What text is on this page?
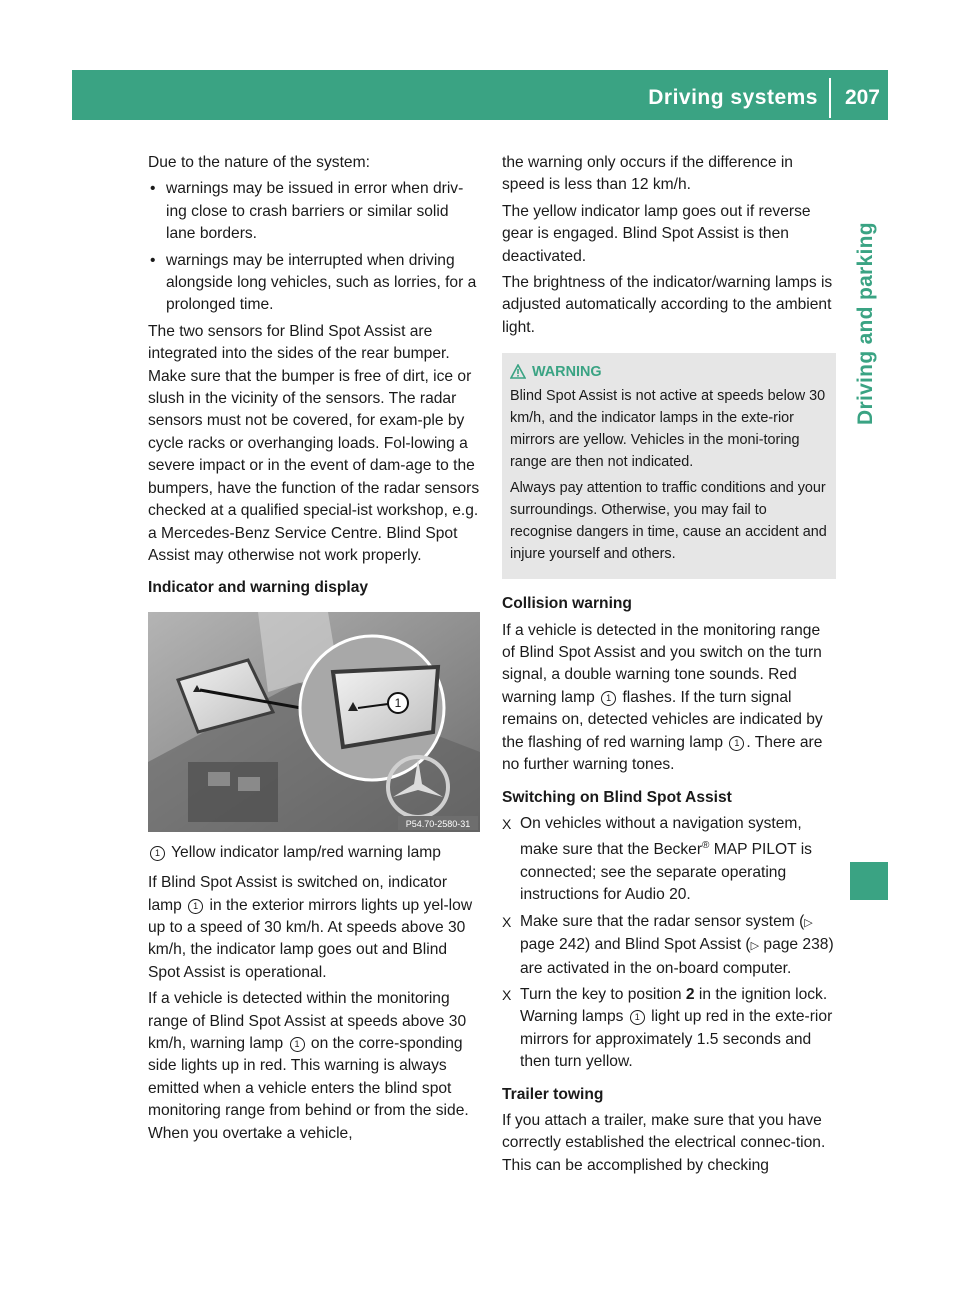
Driving systems 207
Driving and parking

Due to the nature of the system:

• warnings may be issued in error when driv-ing close to crash barriers or similar solid lane borders.
• warnings may be interrupted when driving alongside long vehicles, such as lorries, for a prolonged time.

The two sensors for Blind Spot Assist are integrated into the sides of the rear bumper. Make sure that the bumper is free of dirt, ice or slush in the vicinity of the sensors. The radar sensors must not be covered, for exam-ple by cycle racks or overhanging loads. Fol-lowing a severe impact or in the event of dam-age to the bumpers, have the function of the radar sensors checked at a qualified special-ist workshop, e.g. a Mercedes-Benz Service Centre. Blind Spot Assist may otherwise not work properly.

Indicator and warning display
1
P54.70-2580-31

1 Yellow indicator lamp/red warning lamp

If Blind Spot Assist is switched on, indicator lamp 1 in the exterior mirrors lights up yel-low up to a speed of 30 km/h. At speeds above 30 km/h, the indicator lamp goes out and Blind Spot Assist is operational.

If a vehicle is detected within the monitoring range of Blind Spot Assist at speeds above 30 km/h, warning lamp 1 on the corre-sponding side lights up in red. This warning is always emitted when a vehicle enters the blind spot monitoring range from behind or from the side. When you overtake a vehicle,

the warning only occurs if the difference in speed is less than 12 km/h.

The yellow indicator lamp goes out if reverse gear is engaged. Blind Spot Assist is then deactivated.

The brightness of the indicator/warning lamps is adjusted automatically according to the ambient light.

WARNING

Blind Spot Assist is not active at speeds below 30 km/h, and the indicator lamps in the exte-rior mirrors are yellow. Vehicles in the moni-toring range are then not indicated.

Always pay attention to traffic conditions and your surroundings. Otherwise, you may fail to recognise dangers in time, cause an accident and injure yourself and others.

Collision warning

If a vehicle is detected in the monitoring range of Blind Spot Assist and you switch on the turn signal, a double warning tone sounds. Red warning lamp 1 flashes. If the turn signal remains on, detected vehicles are indicated by the flashing of red warning lamp 1 . There are no further warning tones.

Switching on Blind Spot Assist
X On vehicles without a navigation system, make sure that the Becker® MAP PILOT is connected; see the separate operating instructions for Audio 20.
X Make sure that the radar sensor system (▷ page 242) and Blind Spot Assist (▷ page 238) are activated in the on-board computer.
X Turn the key to position 2 in the ignition lock.
Warning lamps 1 light up red in the exte-rior mirrors for approximately 1.5 seconds and then turn yellow.
Trailer towing

If you attach a trailer, make sure that you have correctly established the electrical connec-tion. This can be accomplished by checking
